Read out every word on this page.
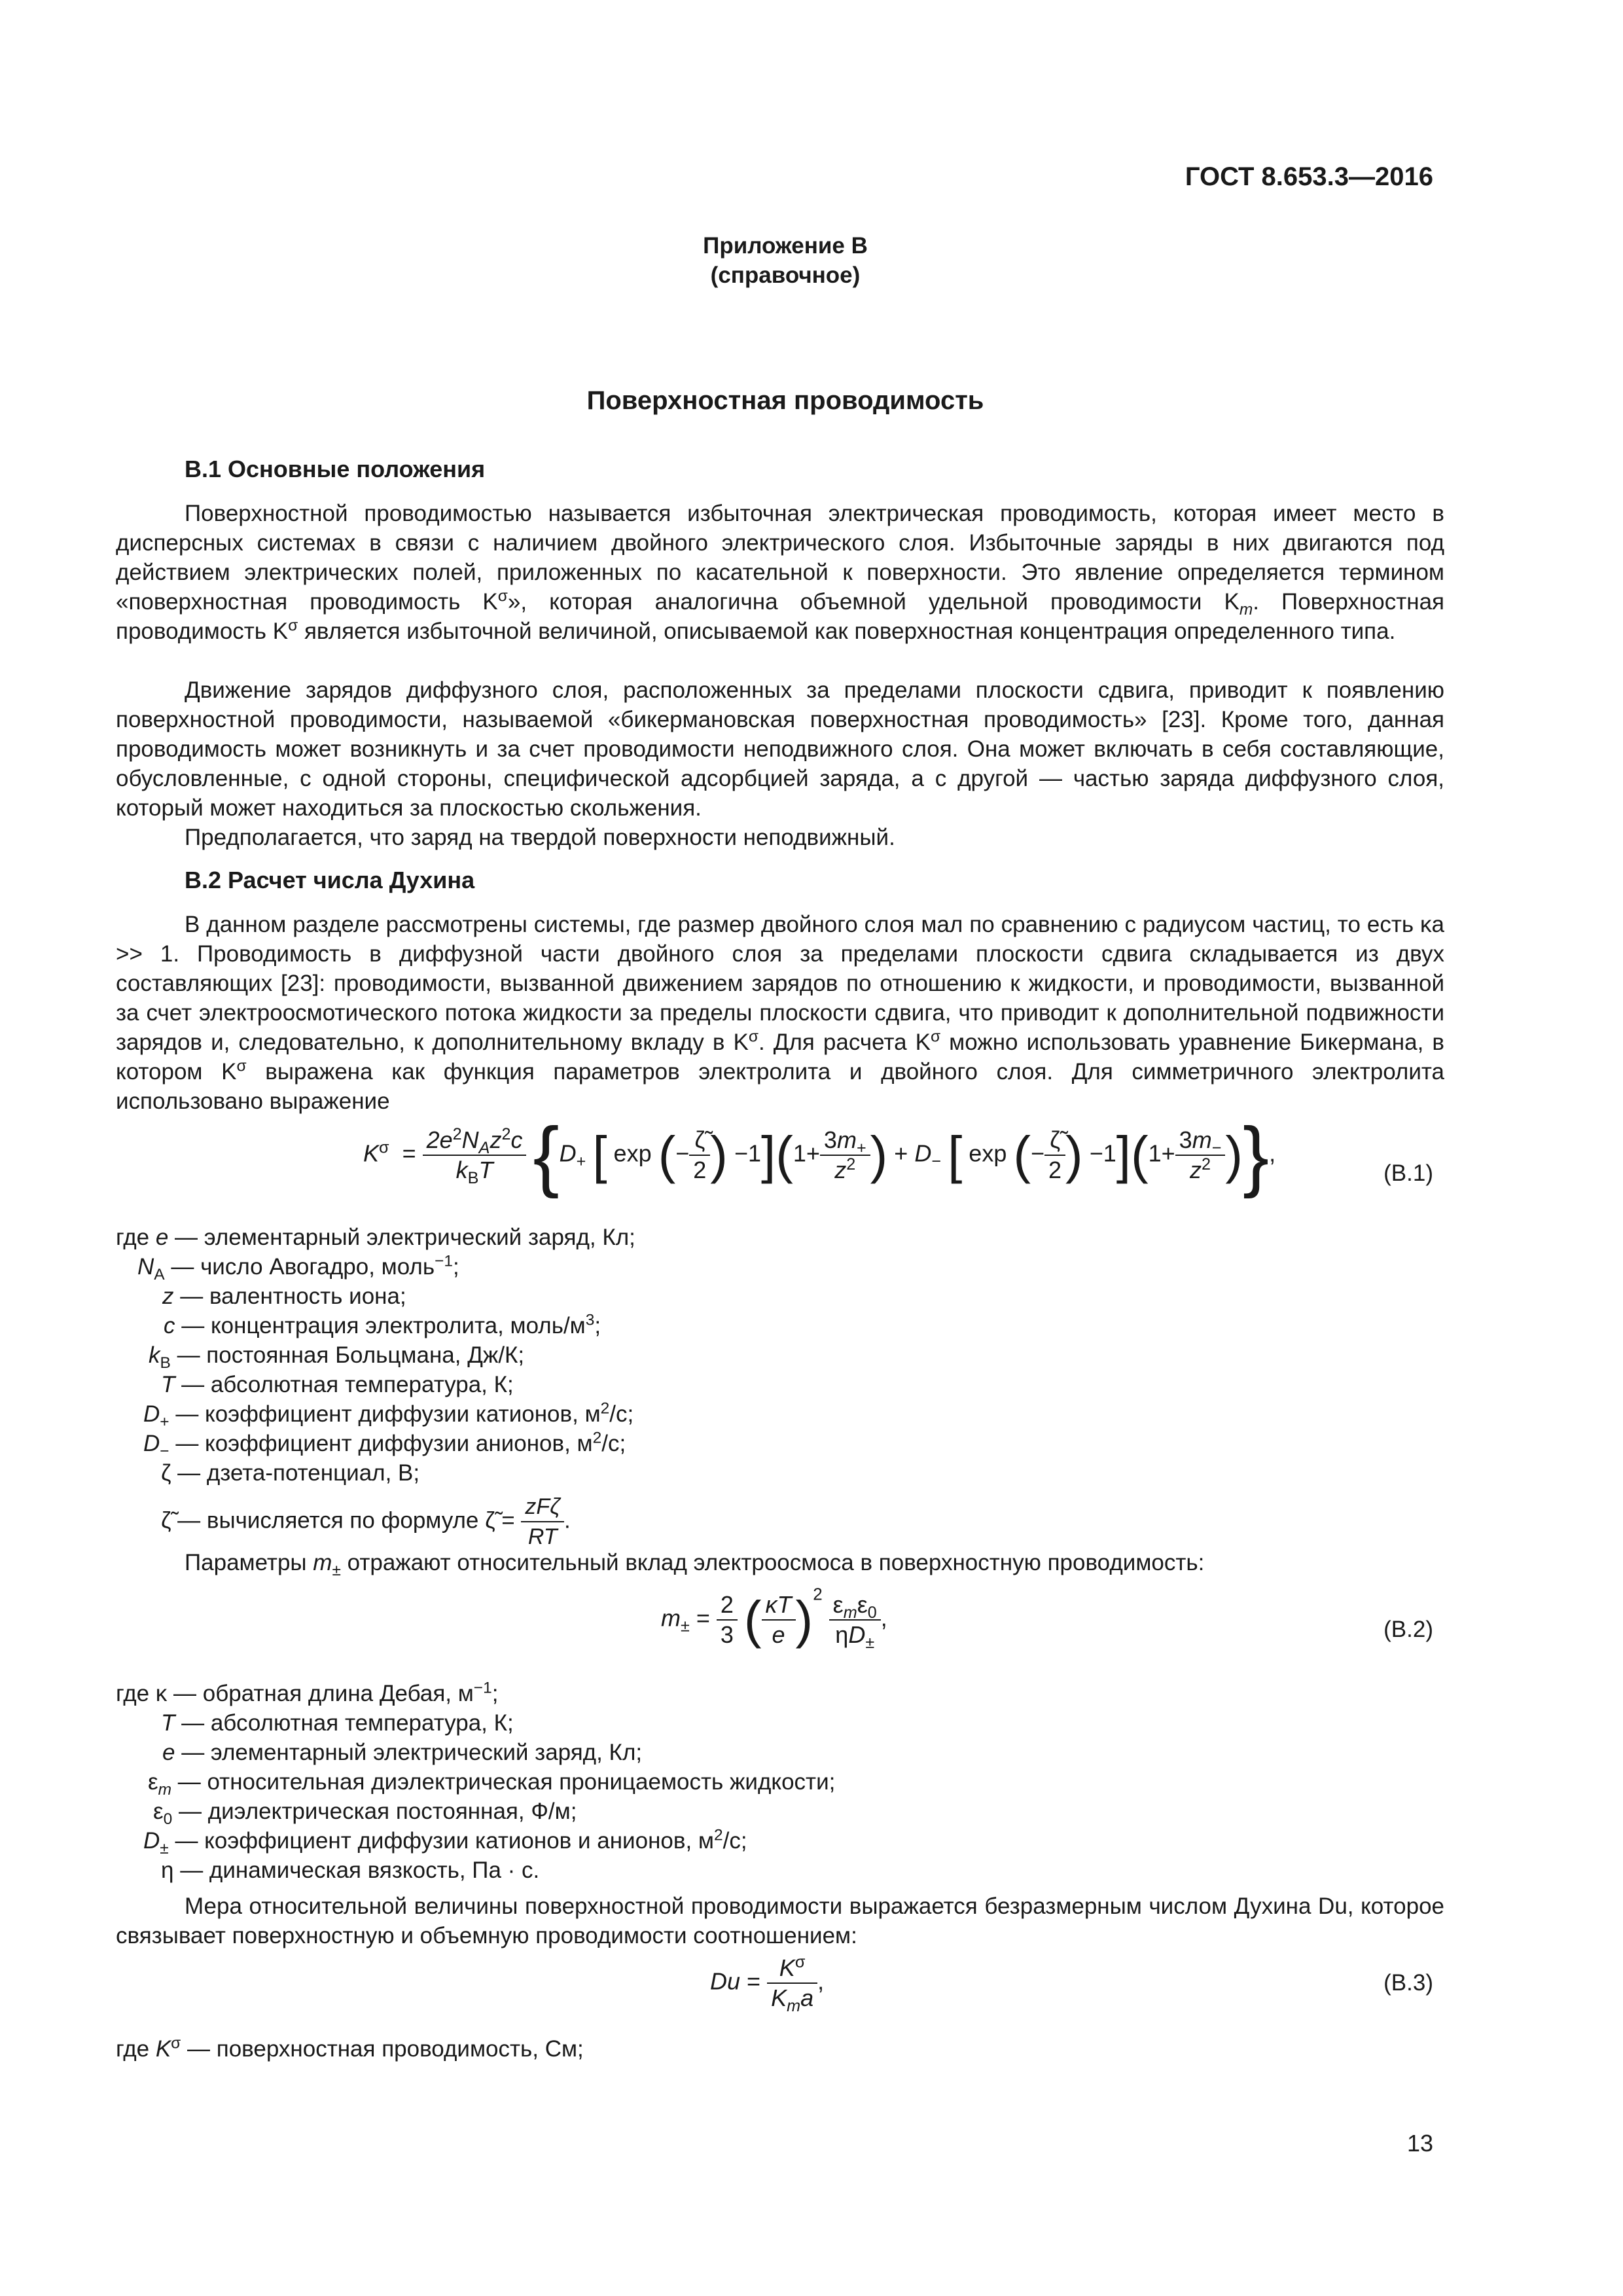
ГОСТ 8.653.3—2016
Приложение В
(справочное)
Поверхностная проводимость
В.1 Основные положения

Поверхностной проводимостью называется избыточная электрическая проводимость, которая имеет место в дисперсных системах в связи с наличием двойного электрического слоя. Избыточные заряды в них двигаются под действием электрических полей, приложенных по касательной к поверхности. Это явление определяется термином «поверхностная проводимость $K^\sigma$», которая аналогична объемной удельной проводимости $K_m$. Поверхностная проводимость $K^\sigma$ является избыточной величиной, описываемой как поверхностная концентрация определенного типа.

Движение зарядов диффузного слоя, расположенных за пределами плоскости сдвига, приводит к появлению поверхностной проводимости, называемой «бикермановская поверхностная проводимость» [23]. Кроме того, данная проводимость может возникнуть и за счет проводимости неподвижного слоя. Она может включать в себя составляющие, обусловленные, с одной стороны, специфической адсорбцией заряда, а с другой — частью заряда диффузного слоя, который может находиться за плоскостью скольжения.

Предполагается, что заряд на твердой поверхности неподвижный.

В.2 Расчет числа Духина

В данном разделе рассмотрены системы, где размер двойного слоя мал по сравнению с радиусом частиц, то есть κa >> 1. Проводимость в диффузной части двойного слоя за пределами плоскости сдвига складывается из двух составляющих [23]: проводимости, вызванной движением зарядов по отношению к жидкости, и проводимости, вызванной за счет электроосмотического потока жидкости за пределы плоскости сдвига, что приводит к дополнительной подвижности зарядов и, следовательно, к дополнительному вкладу в $K^\sigma$. Для расчета $K^\sigma$ можно использовать уравнение Бикермана, в котором $K^\sigma$ выражена как функция параметров электролита и двойного слоя. Для симметричного электролита использовано выражение

$K^\sigma = \frac{2e^2N_Az^2c}{k_BT} \{D_+$ [ exp (− $\frac{\zetã}{2}$ ) $-1](1+ \frac{3m_+}{z^2}$ ) + $D_-$ [ exp (− $\frac{\zetã}{2}$ ) $-1](1+ \frac{3m_-}{z^2}$ )},
(В.1)
где e — элементарный электрический заряд, Кл;
$N_A$ — число Авогадро, моль$^{-1}$;
z — валентность иона;
c — концентрация электролита, моль/$м^3$;
$k_B$ — постоянная Больцмана, Дж/К;
T — абсолютная температура, К;
$D_+$ — коэффициент диффузии катионов, $м^2/с$;
$D_-$ — коэффициент диффузии анионов, $м^2/с$;
ζ — дзета-потенциал, В;
ζ̃ — вычисляется по формуле ζ̃ = $\frac{\text{zFζ}}{RT}$ .
Параметры $m_\pm$ отражают относительный вклад электроосмоса в поверхностную проводимость:
$m_\pm = \frac{2}{3}$ ( $\frac{\kappa T}{e} )^2 \frac{\varepsilon_m\varepsilon_0}{\eta D_\pm}$ ,	(В.2)
где κ — обратная длина Дебая, $м^{-1}$;
T — абсолютная температура, К;
e — элементарный электрический заряд, Кл;
$\varepsilon_m$ — относительная диэлектрическая проницаемость жидкости;
$\varepsilon_0$ — диэлектрическая постоянная, Ф/м;
$D_\pm$ — коэффициент диффузии катионов и анионов, $м^2/с$;
η — динамическая вязкость, Па · с.

Мера относительной величины поверхностной проводимости выражается безразмерным числом Духина Du, которое связывает поверхностную и объемную проводимости соотношением:

$Du = \frac{K^\sigma}{K_ma}$ ,	(В.3)
где $K^\sigma$ — поверхностная проводимость, См;
13
